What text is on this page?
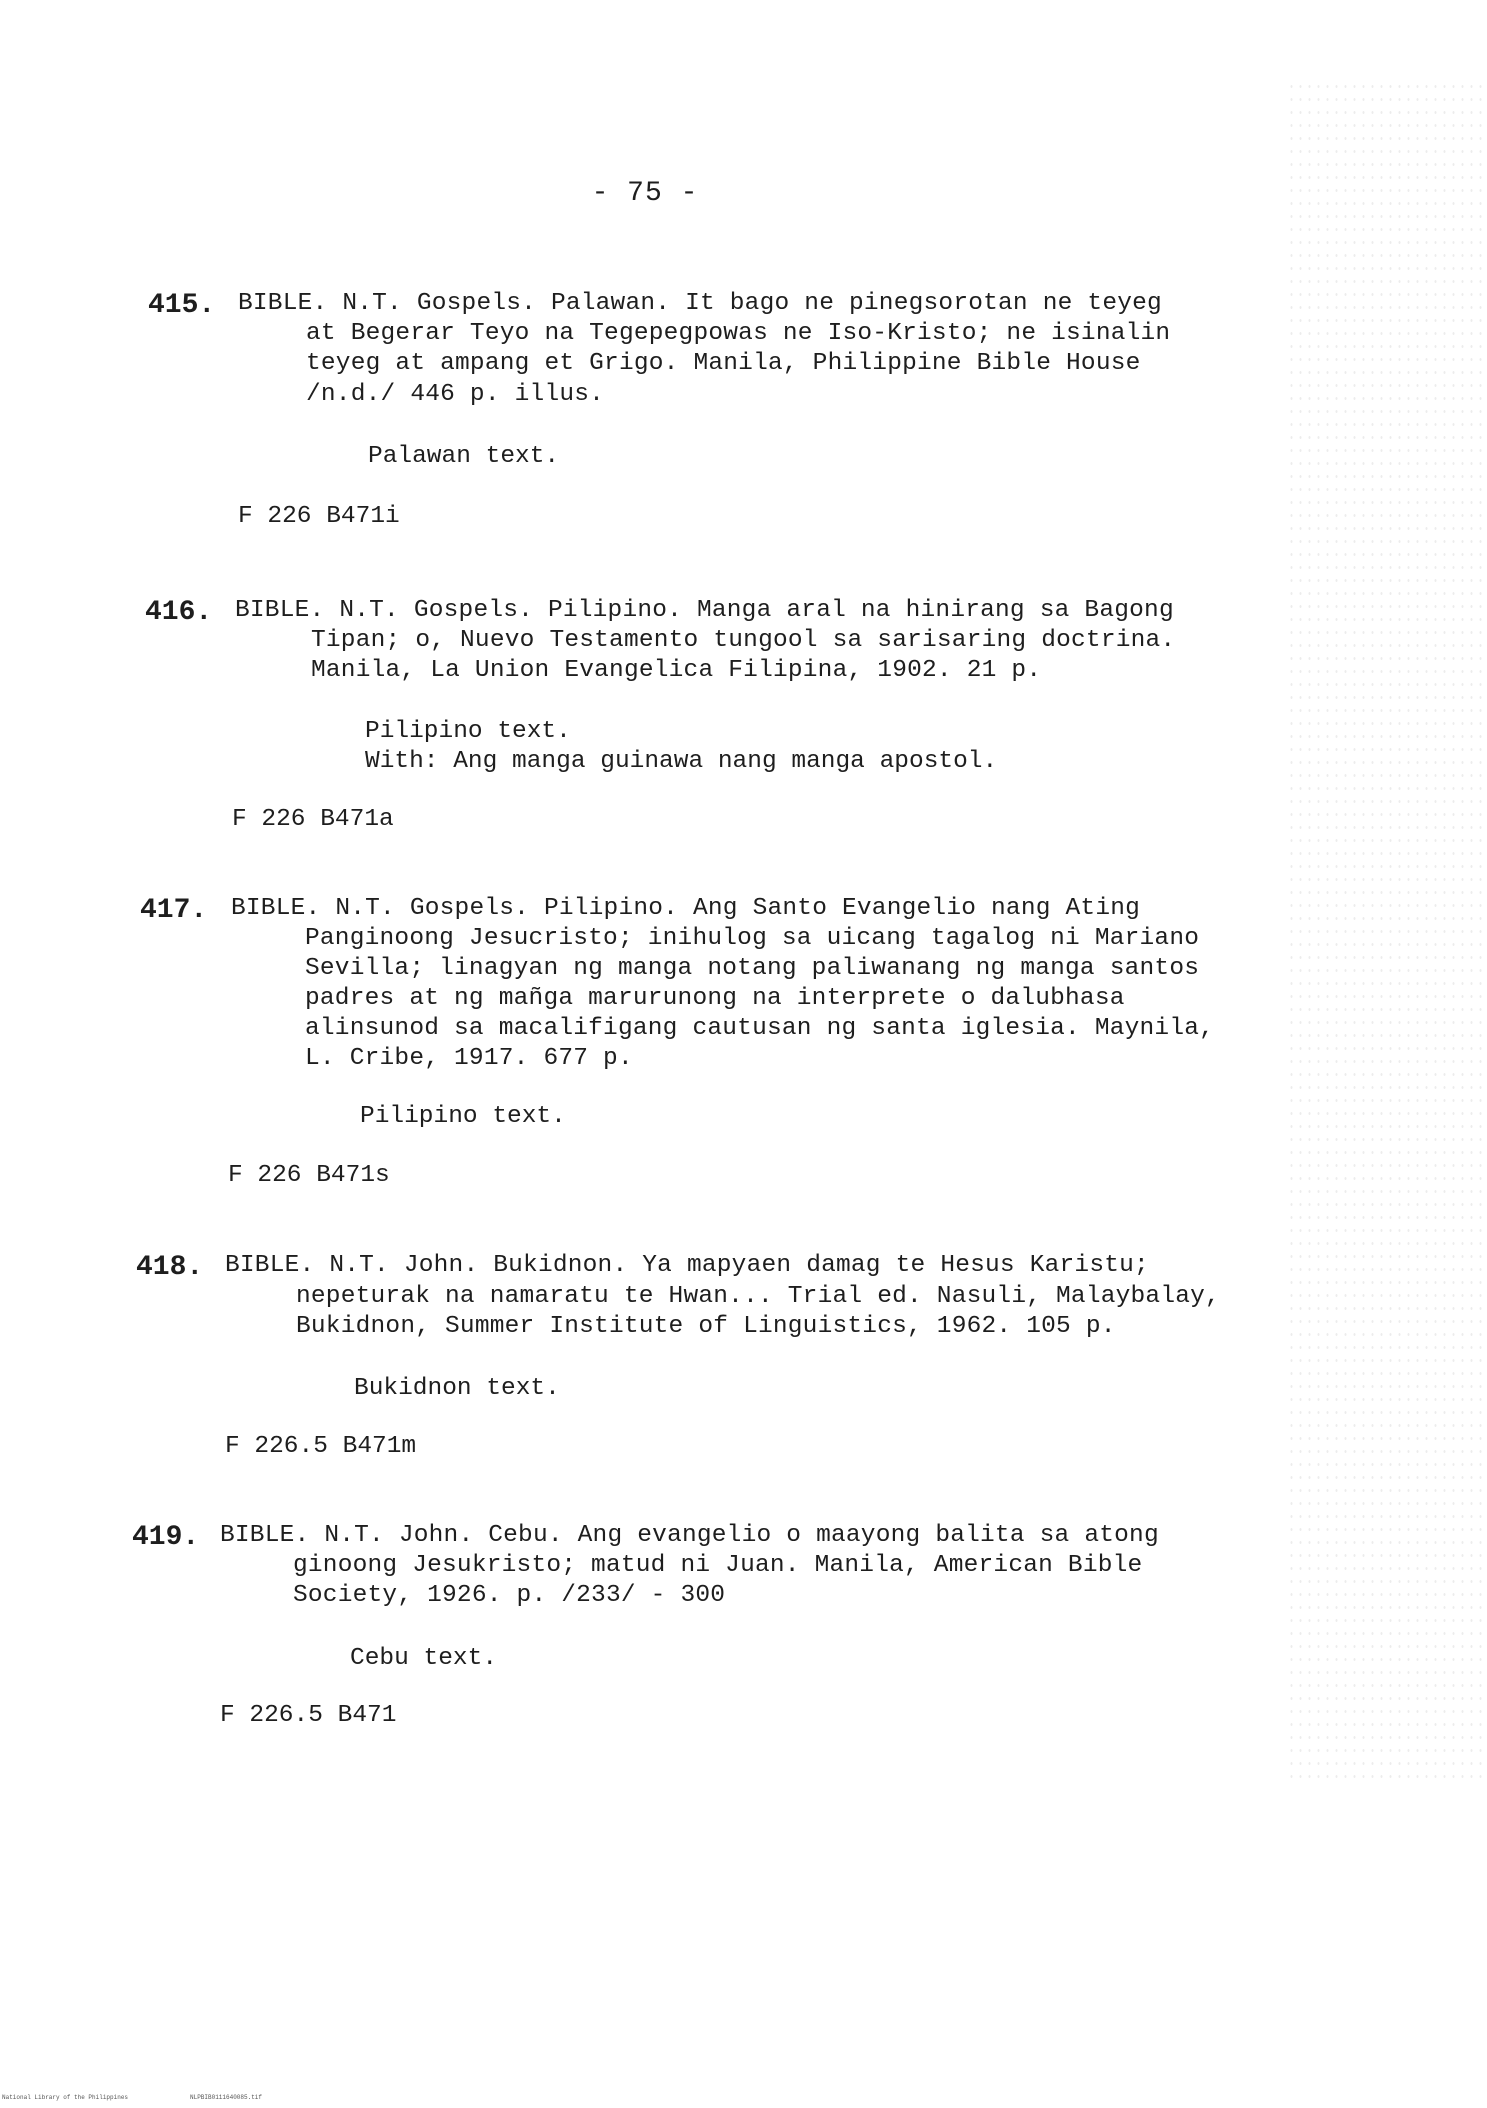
- 75 -
415. BIBLE. N.T. Gospels. Palawan. It bago ne pinegsorotan ne teyeg
at Begerar Teyo na Tegepegpowas ne Iso-Kristo; ne isinalin
teyeg at ampang et Grigo. Manila, Philippine Bible House
/n.d./ 446 p. illus.
Palawan text.
F 226 B471i
416. BIBLE. N.T. Gospels. Pilipino. Manga aral na hinirang sa Bagong
Tipan; o, Nuevo Testamento tungool sa sarisaring doctrina.
Manila, La Union Evangelica Filipina, 1902. 21 p.
Pilipino text.
With: Ang manga guinawa nang manga apostol.
F 226 B471a
417. BIBLE. N.T. Gospels. Pilipino. Ang Santo Evangelio nang Ating
Panginoong Jesucristo; inihulog sa uicang tagalog ni Mariano
Sevilla; linagyan ng manga notang paliwanang ng manga santos
padres at ng mañga marurunong na interprete o dalubhasa
alinsunod sa macalifigang cautusan ng santa iglesia. Maynila,
L. Cribe, 1917. 677 p.
Pilipino text.
F 226 B471s
418. BIBLE. N.T. John. Bukidnon. Ya mapyaen damag te Hesus Karistu;
nepeturak na namaratu te Hwan... Trial ed. Nasuli, Malaybalay,
Bukidnon, Summer Institute of Linguistics, 1962. 105 p.
Bukidnon text.
F 226.5 B471m
419. BIBLE. N.T. John. Cebu. Ang evangelio o maayong balita sa atong
ginoong Jesukristo; matud ni Juan. Manila, American Bible
Society, 1926. p. /233/ - 300
Cebu text.
F 226.5 B471
National Library of the Philippines	NLPBIB0111640085.tif
